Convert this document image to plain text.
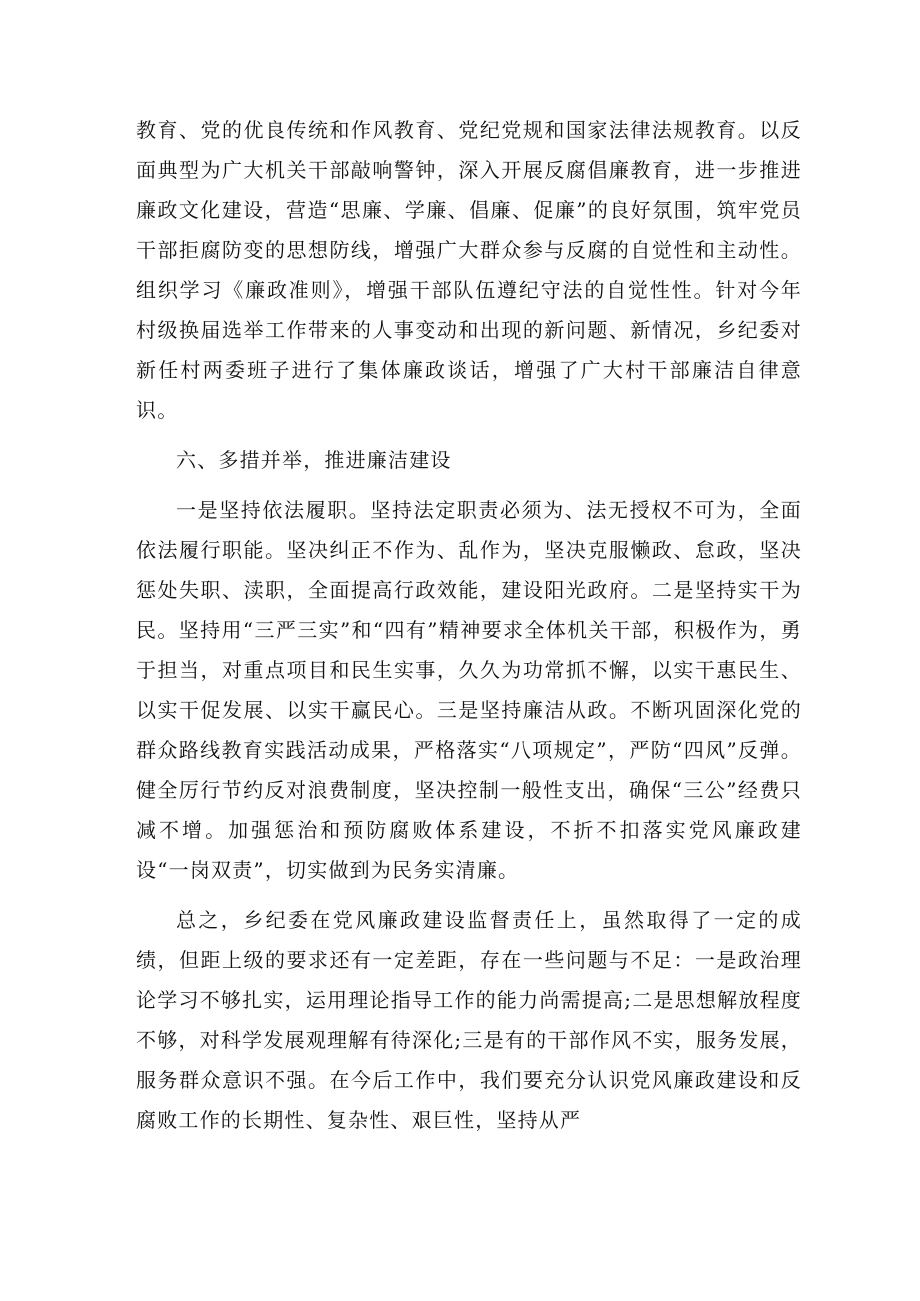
教育、党的优良传统和作风教育、党纪党规和国家法律法规教育。以反面典型为广大机关干部敲响警钟，深入开展反腐倡廉教育，进一步推进廉政文化建设，营造“思廉、学廉、倡廉、促廉”的良好氛围，筑牢党员干部拒腐防变的思想防线，增强广大群众参与反腐的自觉性和主动性。组织学习《廉政准则》，增强干部队伍遵纪守法的自觉性性。针对今年村级换届选举工作带来的人事变动和出现的新问题、新情况，乡纪委对新任村两委班子进行了集体廉政谈话，增强了广大村干部廉洁自律意识。

六、多措并举，推进廉洁建设

一是坚持依法履职。坚持法定职责必须为、法无授权不可为，全面依法履行职能。坚决纠正不作为、乱作为，坚决克服懒政、怠政，坚决惩处失职、渎职，全面提高行政效能，建设阳光政府。二是坚持实干为民。坚持用“三严三实”和“四有”精神要求全体机关干部，积极作为，勇于担当，对重点项目和民生实事，久久为功常抓不懈，以实干惠民生、以实干促发展、以实干赢民心。三是坚持廉洁从政。不断巩固深化党的群众路线教育实践活动成果，严格落实“八项规定”，严防“四风”反弹。健全厉行节约反对浪费制度，坚决控制一般性支出，确保“三公”经费只减不增。加强惩治和预防腐败体系建设，不折不扣落实党风廉政建设“一岗双责”，切实做到为民务实清廉。

总之，乡纪委在党风廉政建设监督责任上，虽然取得了一定的成绩，但距上级的要求还有一定差距，存在一些问题与不足：一是政治理论学习不够扎实，运用理论指导工作的能力尚需提高;二是思想解放程度不够，对科学发展观理解有待深化;三是有的干部作风不实，服务发展，服务群众意识不强。在今后工作中，我们要充分认识党风廉政建设和反腐败工作的长期性、复杂性、艰巨性，坚持从严
